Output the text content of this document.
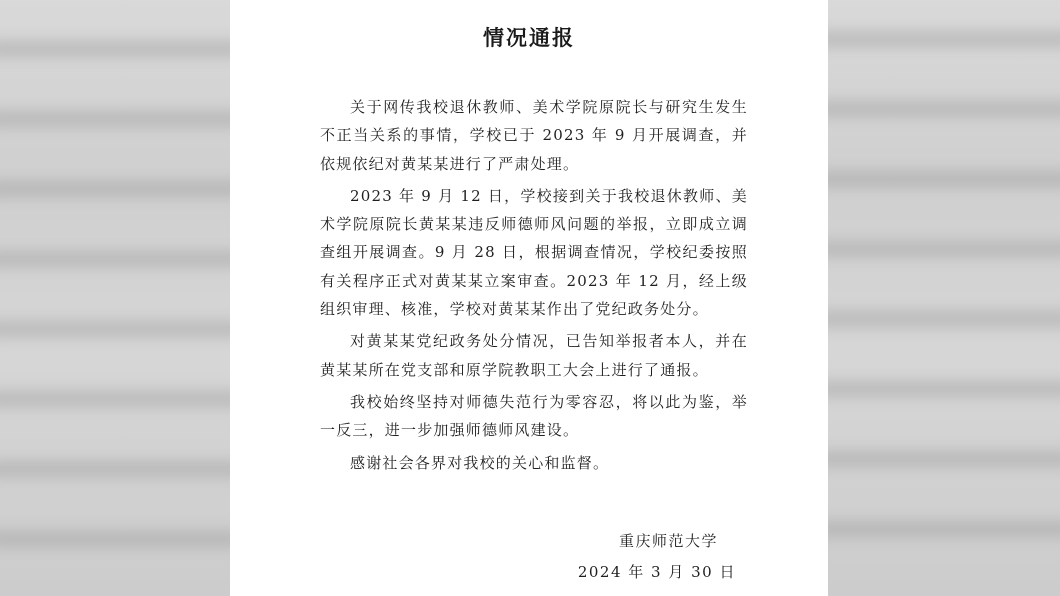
情况通报

关于网传我校退休教师、美术学院原院长与研究生发生不正当关系的事情，学校已于 2023 年 9 月开展调查，并依规依纪对黄某某进行了严肃处理。

2023 年 9 月 12 日，学校接到关于我校退休教师、美术学院原院长黄某某违反师德师风问题的举报，立即成立调查组开展调查。9 月 28 日，根据调查情况，学校纪委按照有关程序正式对黄某某立案审查。2023 年 12 月，经上级组织审理、核准，学校对黄某某作出了党纪政务处分。

对黄某某党纪政务处分情况，已告知举报者本人，并在黄某某所在党支部和原学院教职工大会上进行了通报。

我校始终坚持对师德失范行为零容忍，将以此为鉴，举一反三，进一步加强师德师风建设。

感谢社会各界对我校的关心和监督。

重庆师范大学
2024 年 3 月 30 日
